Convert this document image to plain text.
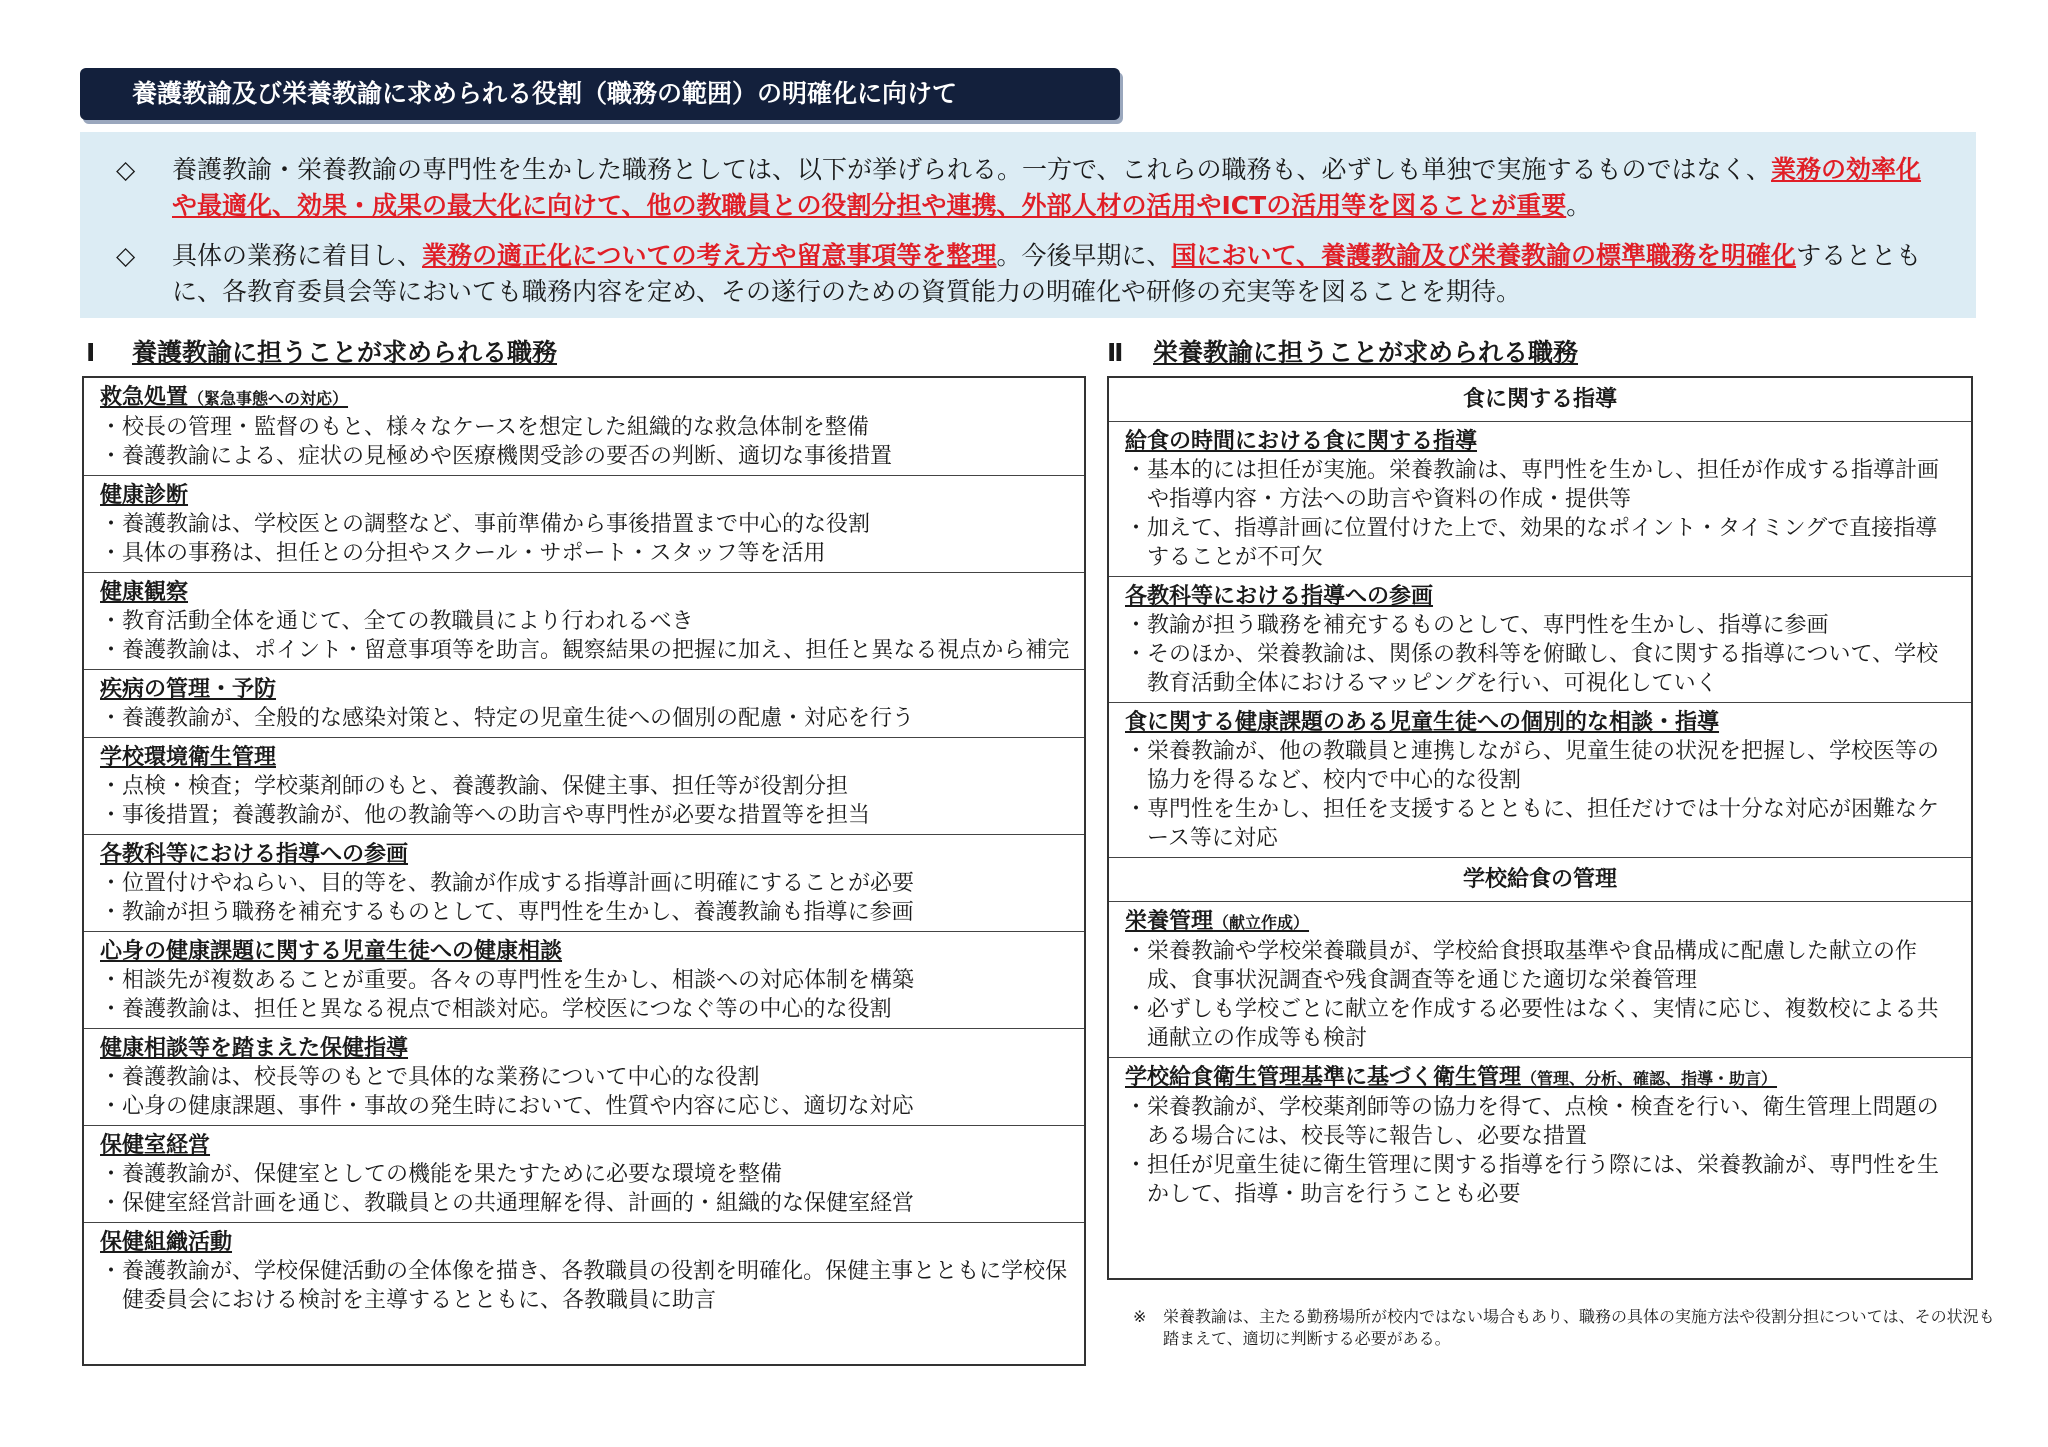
養護教諭及び栄養教諭に求められる役割（職務の範囲）の明確化に向けて
◇ 養護教諭・栄養教諭の専門性を生かした職務としては、以下が挙げられる。一方で、これらの職務も、必ずしも単独で実施するものではなく、業務の効率化や最適化、効果・成果の最大化に向けて、他の教職員との役割分担や連携、外部人材の活用やICTの活用等を図ることが重要。
◇ 具体の業務に着目し、業務の適正化についての考え方や留意事項等を整理。今後早期に、国において、養護教諭及び栄養教諭の標準職務を明確化するとともに、各教育委員会等においても職務内容を定め、その遂行のための資質能力の明確化や研修の充実等を図ることを期待。
Ⅰ 養護教諭に担うことが求められる職務	Ⅱ 栄養教諭に担うことが求められる職務
救急処置（緊急事態への対応）
・校長の管理・監督のもと、様々なケースを想定した組織的な救急体制を整備
・養護教諭による、症状の見極めや医療機関受診の要否の判断、適切な事後措置
健康診断
・養護教諭は、学校医との調整など、事前準備から事後措置まで中心的な役割
・具体の事務は、担任との分担やスクール・サポート・スタッフ等を活用
健康観察
・教育活動全体を通じて、全ての教職員により行われるべき
・養護教諭は、ポイント・留意事項等を助言。観察結果の把握に加え、担任と異なる視点から補完
疾病の管理・予防
・養護教諭が、全般的な感染対策と、特定の児童生徒への個別の配慮・対応を行う
学校環境衛生管理
・点検・検査；学校薬剤師のもと、養護教諭、保健主事、担任等が役割分担
・事後措置；養護教諭が、他の教諭等への助言や専門性が必要な措置等を担当
各教科等における指導への参画
・位置付けやねらい、目的等を、教諭が作成する指導計画に明確にすることが必要
・教諭が担う職務を補充するものとして、専門性を生かし、養護教諭も指導に参画
心身の健康課題に関する児童生徒への健康相談
・相談先が複数あることが重要。各々の専門性を生かし、相談への対応体制を構築
・養護教諭は、担任と異なる視点で相談対応。学校医につなぐ等の中心的な役割
健康相談等を踏まえた保健指導
・養護教諭は、校長等のもとで具体的な業務について中心的な役割
・心身の健康課題、事件・事故の発生時において、性質や内容に応じ、適切な対応
保健室経営
・養護教諭が、保健室としての機能を果たすために必要な環境を整備
・保健室経営計画を通じ、教職員との共通理解を得、計画的・組織的な保健室経営
保健組織活動
・養護教諭が、学校保健活動の全体像を描き、各教職員の役割を明確化。保健主事とともに学校保健委員会における検討を主導するとともに、各教職員に助言
食に関する指導
給食の時間における食に関する指導
・基本的には担任が実施。栄養教諭は、専門性を生かし、担任が作成する指導計画や指導内容・方法への助言や資料の作成・提供等
・加えて、指導計画に位置付けた上で、効果的なポイント・タイミングで直接指導することが不可欠
各教科等における指導への参画
・教諭が担う職務を補充するものとして、専門性を生かし、指導に参画
・そのほか、栄養教諭は、関係の教科等を俯瞰し、食に関する指導について、学校教育活動全体におけるマッピングを行い、可視化していく
食に関する健康課題のある児童生徒への個別的な相談・指導
・栄養教諭が、他の教職員と連携しながら、児童生徒の状況を把握し、学校医等の協力を得るなど、校内で中心的な役割
・専門性を生かし、担任を支援するとともに、担任だけでは十分な対応が困難なケース等に対応
学校給食の管理
栄養管理（献立作成）
・栄養教諭や学校栄養職員が、学校給食摂取基準や食品構成に配慮した献立の作成、食事状況調査や残食調査等を通じた適切な栄養管理
・必ずしも学校ごとに献立を作成する必要性はなく、実情に応じ、複数校による共通献立の作成等も検討
学校給食衛生管理基準に基づく衛生管理（管理、分析、確認、指導・助言）
・栄養教諭が、学校薬剤師等の協力を得て、点検・検査を行い、衛生管理上問題のある場合には、校長等に報告し、必要な措置
・担任が児童生徒に衛生管理に関する指導を行う際には、栄養教諭が、専門性を生かして、指導・助言を行うことも必要
※ 栄養教諭は、主たる勤務場所が校内ではない場合もあり、職務の具体の実施方法や役割分担については、その状況も踏まえて、適切に判断する必要がある。
